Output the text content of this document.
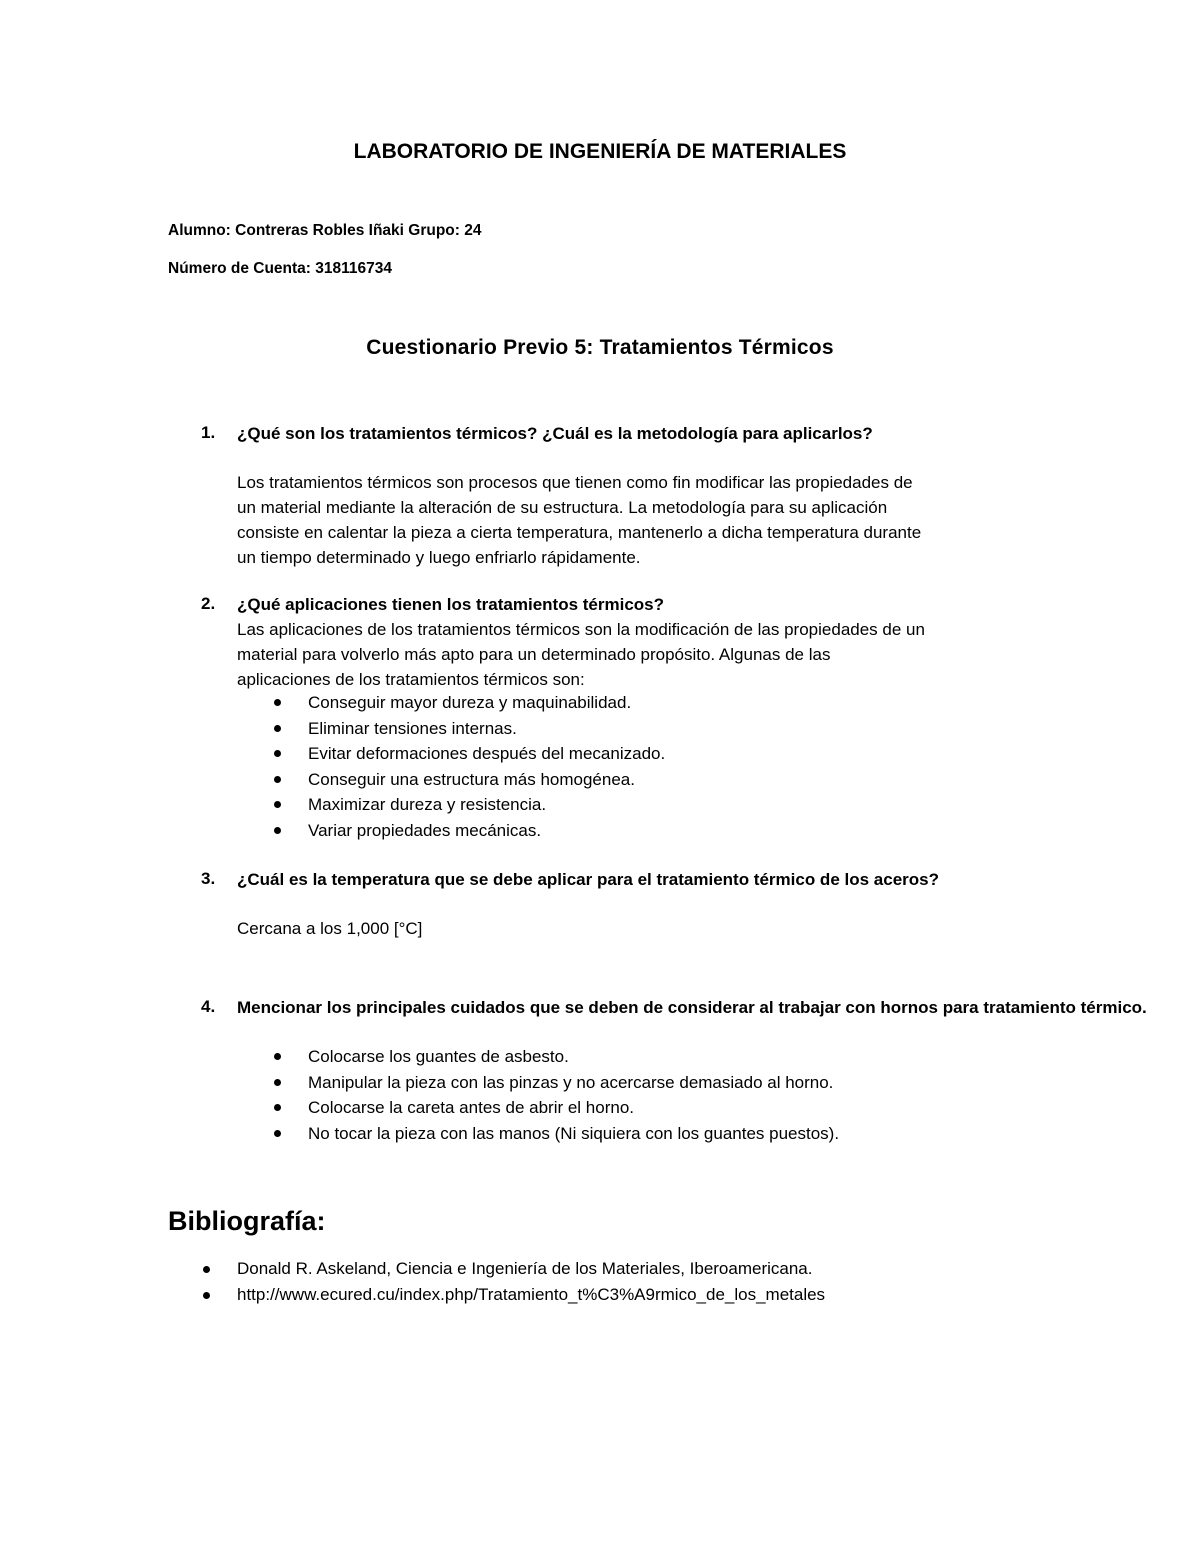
LABORATORIO DE INGENIERÍA DE MATERIALES
Alumno: Contreras Robles Iñaki Grupo: 24
Número de Cuenta: 318116734
Cuestionario Previo 5: Tratamientos Térmicos
1. ¿Qué son los tratamientos térmicos? ¿Cuál es la metodología para aplicarlos?
Los tratamientos térmicos son procesos que tienen como fin modificar las propiedades de
un material mediante la alteración de su estructura. La metodología para su aplicación
consiste en calentar la pieza a cierta temperatura, mantenerlo a dicha temperatura durante
un tiempo determinado y luego enfriarlo rápidamente.
2. ¿Qué aplicaciones tienen los tratamientos térmicos?
Las aplicaciones de los tratamientos térmicos son la modificación de las propiedades de un
material para volverlo más apto para un determinado propósito. Algunas de las
aplicaciones de los tratamientos térmicos son:
Conseguir mayor dureza y maquinabilidad.
Eliminar tensiones internas.
Evitar deformaciones después del mecanizado.
Conseguir una estructura más homogénea.
Maximizar dureza y resistencia.
Variar propiedades mecánicas.
3. ¿Cuál es la temperatura que se debe aplicar para el tratamiento térmico de los aceros?
Cercana a los 1,000 [°C]
4. Mencionar los principales cuidados que se deben de considerar al trabajar con hornos para tratamiento térmico.
Colocarse los guantes de asbesto.
Manipular la pieza con las pinzas y no acercarse demasiado al horno.
Colocarse la careta antes de abrir el horno.
No tocar la pieza con las manos (Ni siquiera con los guantes puestos).
Bibliografía:
Donald R. Askeland, Ciencia e Ingeniería de los Materiales, Iberoamericana.
http://www.ecured.cu/index.php/Tratamiento_t%C3%A9rmico_de_los_metales
